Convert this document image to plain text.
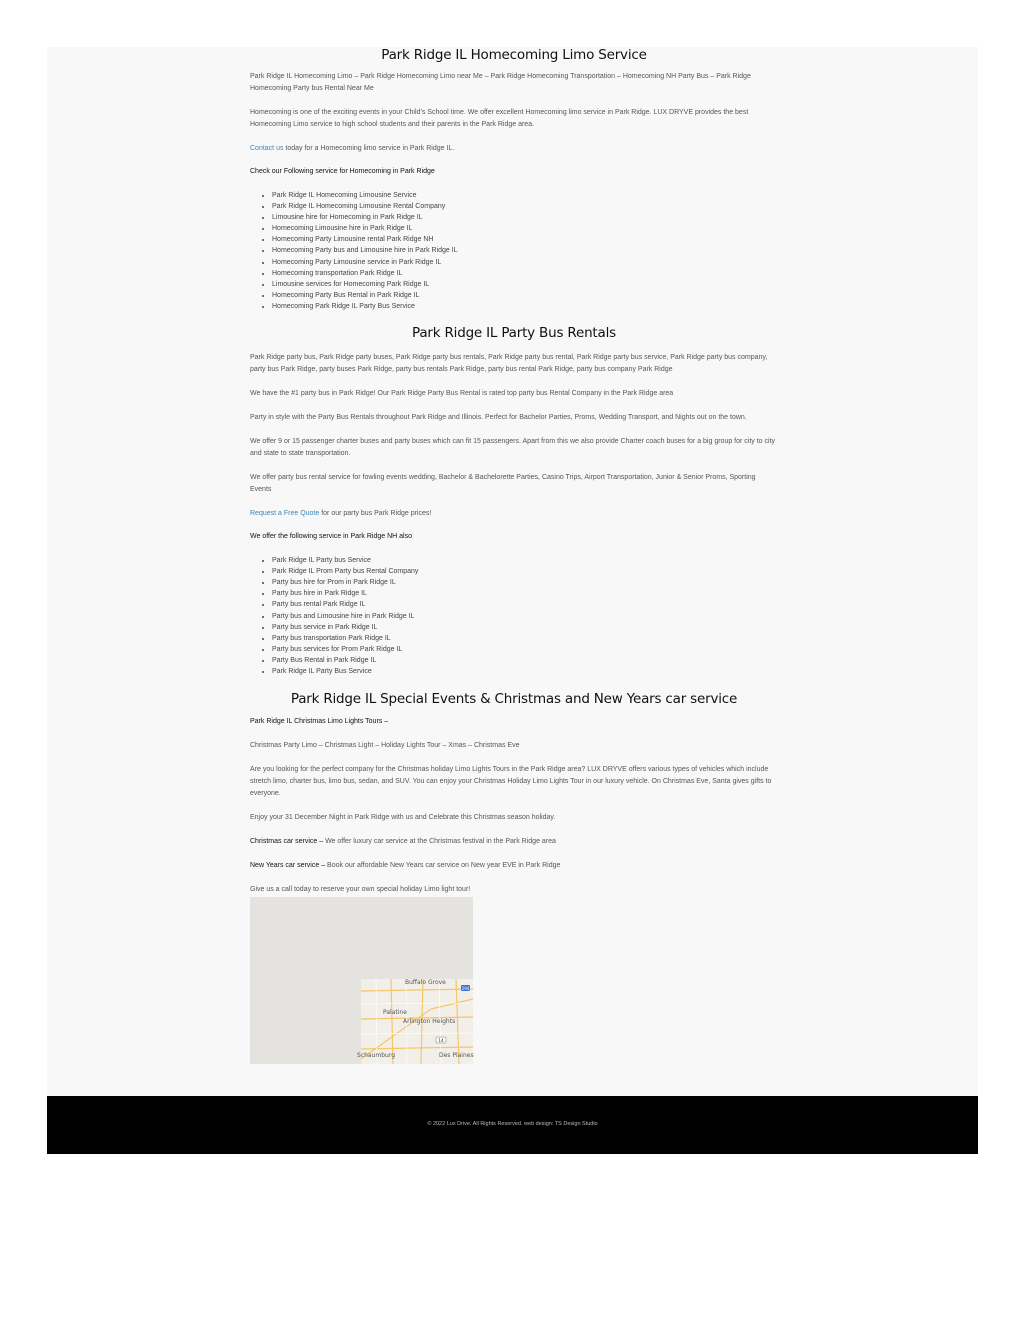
Park Ridge IL Homecoming Limo Service

Park Ridge IL Homecoming Limo – Park Ridge Homecoming Limo near Me – Park Ridge Homecoming Transportation – Homecoming NH Party Bus – Park Ridge Homecoming Party bus Rental Near Me

Homecoming is one of the exciting events in your Child’s School time. We offer excellent Homecoming limo service in Park Ridge. LUX DRYVE provides the best Homecoming Limo service to high school students and their parents in the Park Ridge area.

Contact us today for a Homecoming limo service in Park Ridge IL.

Check our Following service for Homecoming in Park Ridge

• Park Ridge IL Homecoming Limousine Service
• Park Ridge IL Homecoming Limousine Rental Company
• Limousine hire for Homecoming in Park Ridge IL
• Homecoming Limousine hire in Park Ridge IL
• Homecoming Party Limousine rental Park Ridge NH
• Homecoming Party bus and Limousine hire in Park Ridge IL
• Homecoming Party Limousine service in Park Ridge IL
• Homecoming transportation Park Ridge IL
• Limousine services for Homecoming Park Ridge IL
• Homecoming Party Bus Rental in Park Ridge IL
• Homecoming Park Ridge IL Party Bus Service
Park Ridge IL Party Bus Rentals

Park Ridge party bus, Park Ridge party buses, Park Ridge party bus rentals, Park Ridge party bus rental, Park Ridge party bus service, Park Ridge party bus company, party bus Park Ridge, party buses Park Ridge, party bus rentals Park Ridge, party bus rental Park Ridge, party bus company Park Ridge

We have the #1 party bus in Park Ridge! Our Park Ridge Party Bus Rental is rated top party bus Rental Company in the Park Ridge area

Party in style with the Party Bus Rentals throughout Park Ridge and Illinois. Perfect for Bachelor Parties, Proms, Wedding Transport, and Nights out on the town.

We offer 9 or 15 passenger charter buses and party buses which can fit 15 passengers. Apart from this we also provide Charter coach buses for a big group for city to city and state to state transportation.

We offer party bus rental service for fowling events wedding, Bachelor & Bachelorette Parties, Casino Trips, Airport Transportation, Junior & Senior Proms, Sporting Events

Request a Free Quote for our party bus Park Ridge prices!

We offer the following service in Park Ridge NH also

• Park Ridge IL Party bus Service
• Park Ridge IL Prom Party bus Rental Company
• Party bus hire for Prom in Park Ridge IL
• Party bus hire in Park Ridge IL
• Party bus rental Park Ridge IL
• Party bus and Limousine hire in Park Ridge IL
• Party bus service in Park Ridge IL
• Party bus transportation Park Ridge IL
• Party bus services for Prom Park Ridge IL
• Party Bus Rental in Park Ridge IL
• Park Ridge IL Party Bus Service
Park Ridge IL Special Events & Christmas and New Years car service

Park Ridge IL Christmas Limo Lights Tours –

Christmas Party Limo – Christmas Light – Holiday Lights Tour – Xmas – Christmas Eve

Are you looking for the perfect company for the Christmas holiday Limo Lights Tours in the Park Ridge area? LUX DRYVE offers various types of vehicles which include stretch limo, charter bus, limo bus, sedan, and SUV. You can enjoy your Christmas Holiday Limo Lights Tour in our luxury vehicle. On Christmas Eve, Santa gives gifts to everyone.

Enjoy your 31 December Night in Park Ridge with us and Celebrate this Christmas season holiday.

Christmas car service – We offer luxury car service at the Christmas festival in the Park Ridge area

New Years car service – Book our affordable New Years car service on New year EVE in Park Ridge

Give us a call today to reserve your own special holiday Limo light tour!

294
14
Buffalo Grove
Palatine
Arlington Heights
Schaumburg	Des Plaines
© 2022 Lux Drive. All Rights Reserved. web design: TS Design Studio
